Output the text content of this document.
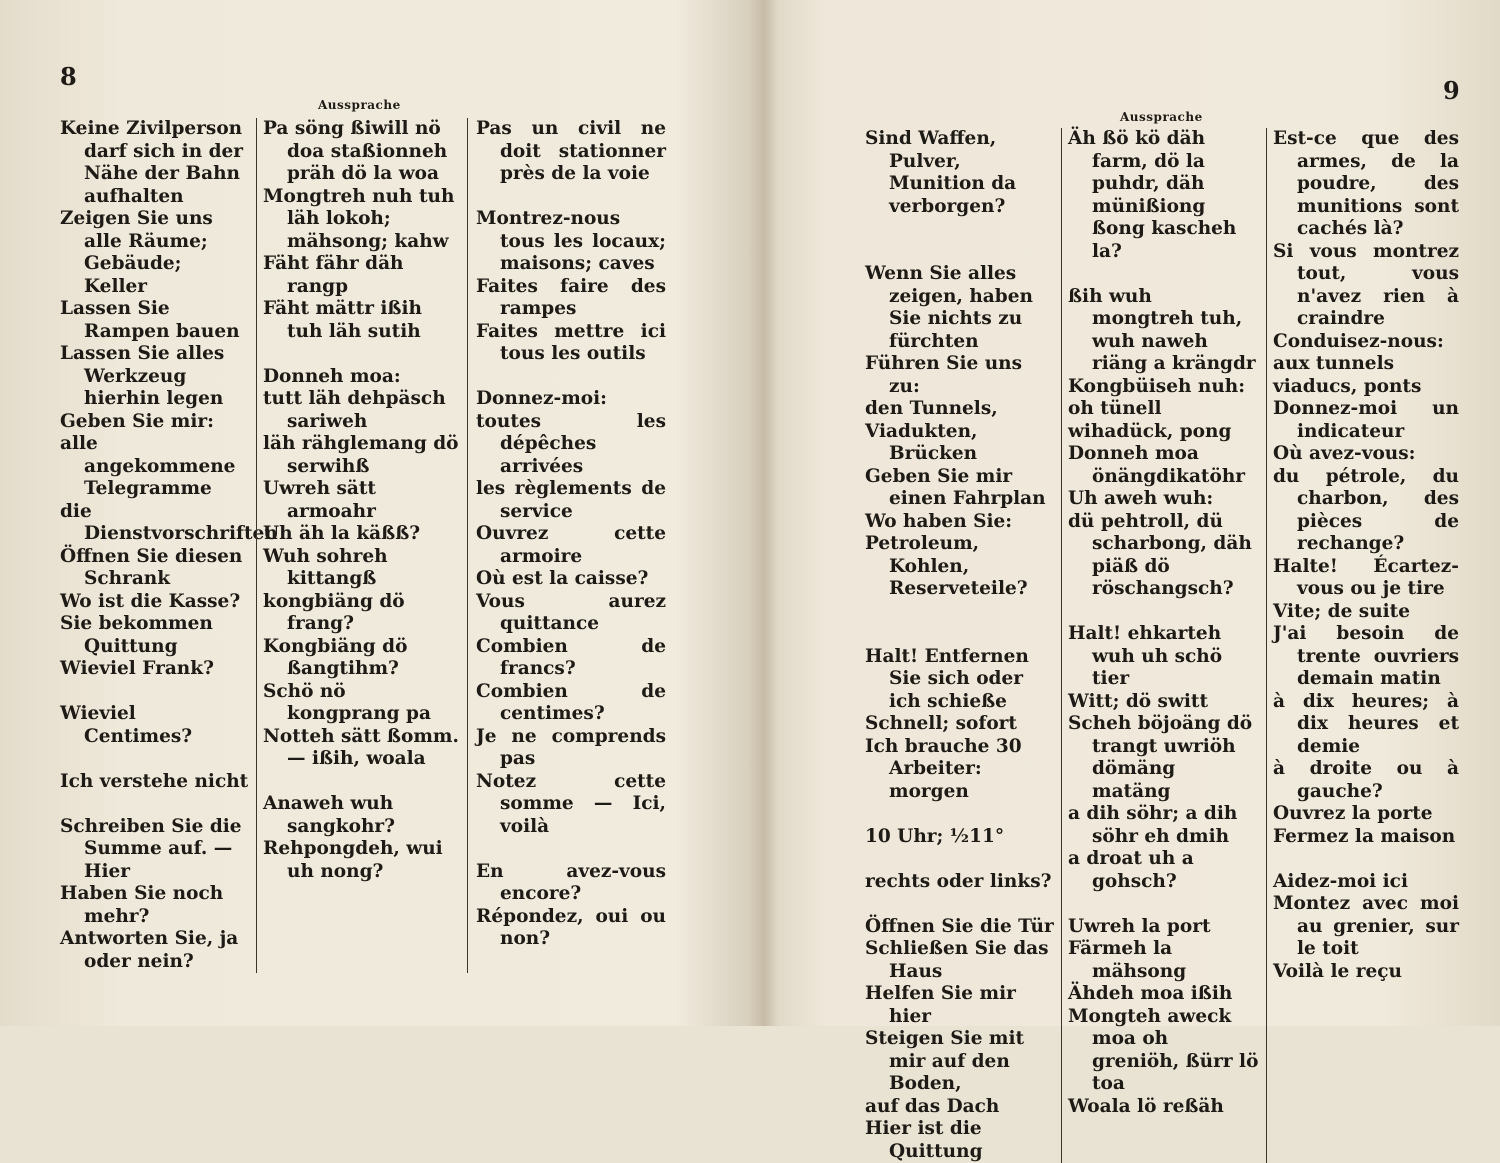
8
Aussprache
Keine Zivilperson darf sich in der Nähe der Bahn aufhalten
Zeigen Sie uns alle Räume; Gebäude; Keller
Lassen Sie Rampen bauen
Lassen Sie alles Werkzeug hierhin legen
Geben Sie mir:
alle angekommene Telegramme
die Dienstvorschriften
Öffnen Sie diesen Schrank
Wo ist die Kasse?
Sie bekommen Quittung
Wieviel Frank?

Wieviel Centimes?

Ich verstehe nicht

Schreiben Sie die Summe auf. — Hier
Haben Sie noch mehr?
Antworten Sie, ja oder nein?
Pa söng ßiwill nö doa staßionneh präh dö la woa
Mongtreh nuh tuh läh lokoh; mähsong; kahw
Fäht fähr däh rangp
Fäht mättr ißih tuh läh sutih

Donneh moa:
tutt läh dehpäsch sariweh
läh rähglemang dö serwihß
Uwreh sätt armoahr
Uh äh la käßß?
Wuh sohreh kittangß
kongbiäng dö frang?
Kongbiäng dö ßangtihm?
Schö nö kongprang pa
Notteh sätt ßomm. — ißih, woala

Anaweh wuh sangkohr?
Rehpongdeh, wui uh nong?
Pas un civil ne doit stationner près de la voie

Montrez-nous tous les locaux; maisons; caves
Faites faire des rampes
Faites mettre ici tous les outils

Donnez-moi:
toutes les dépêches arrivées
les règlements de service
Ouvrez cette armoire
Où est la caisse?
Vous aurez quittance
Combien de francs?
Combien de centimes?
Je ne comprends pas
Notez cette somme — Ici, voilà

En avez-vous encore?
Répondez, oui ou non?
9
Aussprache
Sind Waffen, Pulver, Munition da verborgen?

Wenn Sie alles zeigen, haben Sie nichts zu fürchten
Führen Sie uns zu:
den Tunnels,
Viadukten, Brücken
Geben Sie mir einen Fahrplan
Wo haben Sie:
Petroleum, Kohlen, Reserveteile?

Halt! Entfernen Sie sich oder ich schieße
Schnell; sofort
Ich brauche 30 Arbeiter: morgen

10 Uhr; ½11°

rechts oder links?

Öffnen Sie die Tür
Schließen Sie das Haus
Helfen Sie mir hier
Steigen Sie mit mir auf den Boden,
auf das Dach
Hier ist die Quittung
Äh ßö kö däh farm, dö la puhdr, däh münißiong ßong kascheh la?

ßih wuh mongtreh tuh, wuh naweh riäng a krängdr
Kongbüiseh nuh:
oh tünell
wihadück, pong
Donneh moa önängdikatöhr
Uh aweh wuh:
dü pehtroll, dü scharbong, däh piäß dö röschangsch?

Halt! ehkarteh wuh uh schö tier
Witt; dö switt
Scheh böjoäng dö trangt uwriöh dömäng matäng
a dih söhr; a dih söhr eh dmih
a droat uh a gohsch?

Uwreh la port
Färmeh la mähsong
Ähdeh moa ißih
Mongteh aweck moa oh greniöh, ßürr lö toa
Woala lö reßäh
Est-ce que des armes, de la poudre, des munitions sont cachés là?
Si vous montrez tout, vous n'avez rien à craindre
Conduisez-nous:
aux tunnels
viaducs, ponts
Donnez-moi un indicateur
Où avez-vous:
du pétrole, du charbon, des pièces de rechange?
Halte! Écartez-vous ou je tire
Vite; de suite
J'ai besoin de trente ouvriers demain matin
à dix heures; à dix heures et demie
à droite ou à gauche?
Ouvrez la porte
Fermez la maison

Aidez-moi ici
Montez avec moi au grenier, sur le toit
Voilà le reçu
